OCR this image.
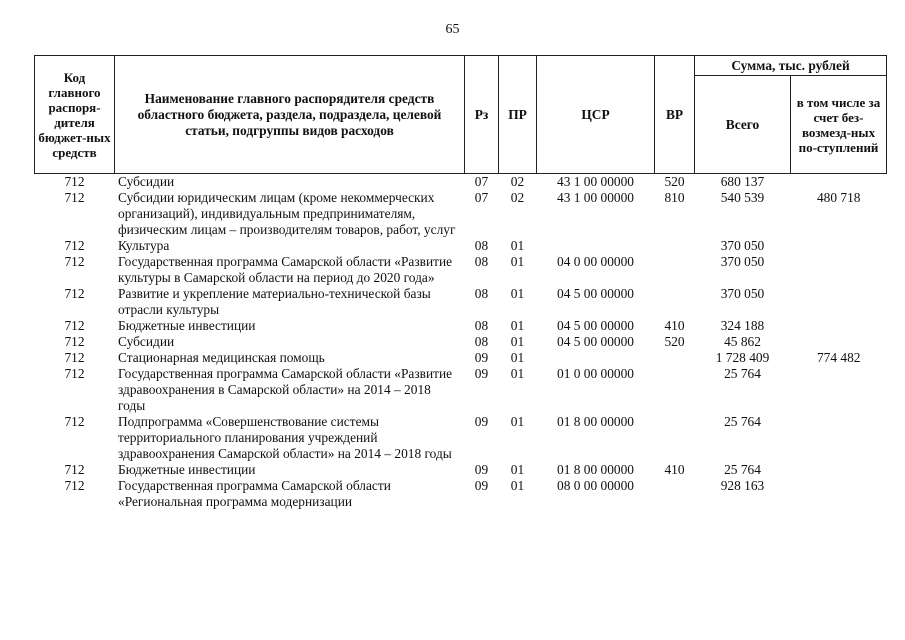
65
Код главного распоря-дителя бюджет-ных средств	Наименование главного распорядителя средств областного бюджета, раздела, подраздела, целевой статьи, подгруппы видов расходов	Рз	ПР	ЦСР	ВР	Сумма, тыс. рублей	
						Всего	в том числе за счет без-возмезд-ных по-ступлений
712	Субсидии	07	02	43 1 00 00000	520	680 137	
712	Субсидии юридическим лицам (кроме некоммерческих организаций), индивидуальным предпринимателям, физическим лицам – производителям товаров, работ, услуг	07	02	43 1 00 00000	810	540 539	480 718
712	Культура	08	01			370 050	
712	Государственная программа Самарской области «Развитие культуры в Самарской области на период до 2020 года»	08	01	04 0 00 00000		370 050	
712	Развитие и укрепление материально-технической базы отрасли культуры	08	01	04 5 00 00000		370 050	
712	Бюджетные инвестиции	08	01	04 5 00 00000	410	324 188	
712	Субсидии	08	01	04 5 00 00000	520	45 862	
712	Стационарная медицинская помощь	09	01			1 728 409	774 482
712	Государственная программа Самарской области «Развитие здравоохранения в Самарской области» на 2014 – 2018 годы	09	01	01 0 00 00000		25 764	
712	Подпрограмма «Совершенствование системы территориального планирования учреждений здравоохранения Самарской области» на 2014 – 2018 годы	09	01	01 8 00 00000		25 764	
712	Бюджетные инвестиции	09	01	01 8 00 00000	410	25 764	
712	Государственная программа Самарской области «Региональная программа модернизации	09	01	08 0 00 00000		928 163	
